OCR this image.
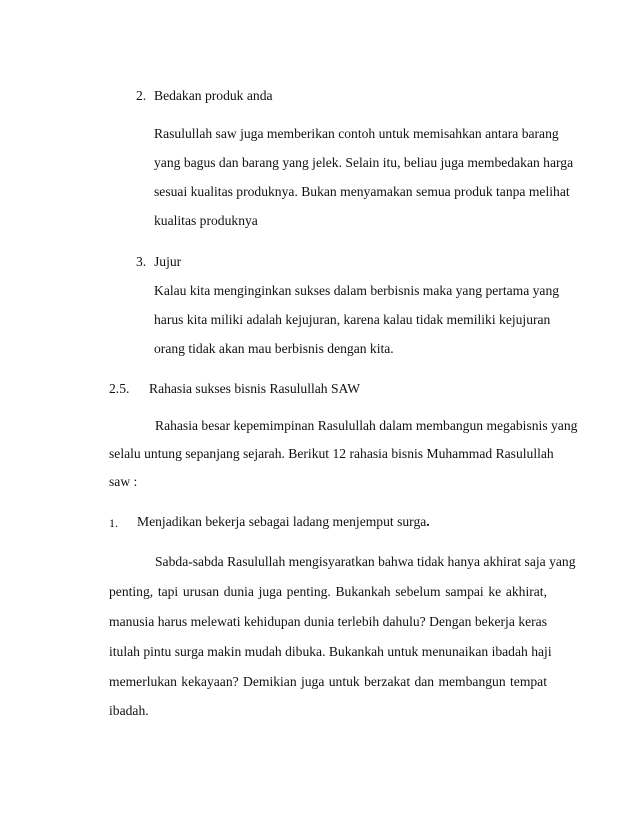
2. Bedakan produk anda
Rasulullah saw juga memberikan contoh untuk memisahkan antara barang
yang bagus dan barang yang jelek. Selain itu, beliau juga membedakan harga
sesuai kualitas produknya. Bukan menyamakan semua produk tanpa melihat
kualitas produknya
3. Jujur
Kalau kita menginginkan sukses dalam berbisnis maka yang pertama yang
harus kita miliki adalah kejujuran, karena kalau tidak memiliki kejujuran
orang tidak akan mau berbisnis dengan kita.
2.5. Rahasia sukses bisnis Rasulullah SAW
Rahasia besar kepemimpinan Rasulullah dalam membangun megabisnis yang
selalu untung sepanjang sejarah. Berikut 12 rahasia bisnis Muhammad Rasulullah
saw :
1. Menjadikan bekerja sebagai ladang menjemput surga.
Sabda-sabda Rasulullah mengisyaratkan bahwa tidak hanya akhirat saja yang
penting, tapi urusan dunia juga penting. Bukankah sebelum sampai ke akhirat,
manusia harus melewati kehidupan dunia terlebih dahulu? Dengan bekerja keras
itulah pintu surga makin mudah dibuka. Bukankah untuk menunaikan ibadah haji
memerlukan kekayaan? Demikian juga untuk berzakat dan membangun tempat
ibadah.
